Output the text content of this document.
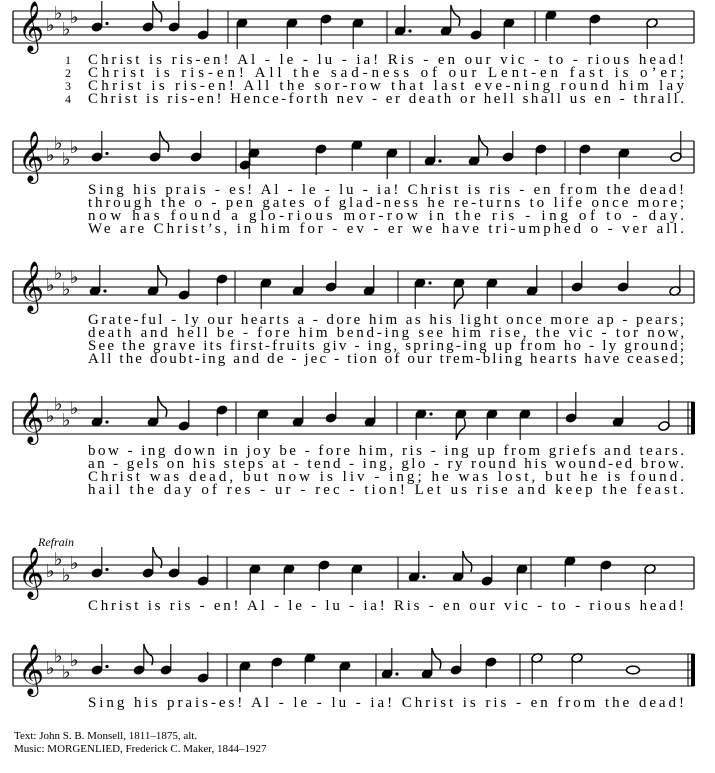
Refrain
𝄞 ♭
♭
♭
♭
𝄞 ♭
♭
♭
♭
𝄞 ♭
♭
♭
♭
𝄞 ♭
♭
♭
♭
𝄞 ♭
♭
♭
♭
𝄞 ♭
♭
♭
♭
1 Christ is ris-en! Al - le - lu - ia! Ris - en our vic - to - rious head!
2 Christ is ris-en! All the sad-ness of our Lent-en fast is o’er;
3 Christ is ris-en! All the sor-row that last eve-ning round him lay
4 Christ is ris-en! Hence-forth nev - er death or hell shall us en - thrall.
Sing his prais - es! Al - le - lu - ia! Christ is ris - en from the dead!
through the o - pen gates of glad-ness he re-turns to life once more;
now has found a glo-rious mor-row in the ris - ing of to - day.
We are Christ’s, in him for - ev - er we have tri-umphed o - ver all.
Grate-ful - ly our hearts a - dore him as his light once more ap - pears;
death and hell be - fore him bend-ing see him rise, the vic - tor now,
See the grave its first-fruits giv - ing, spring-ing up from ho - ly ground;
All the doubt-ing and de - jec - tion of our trem-bling hearts have ceased;
bow - ing down in joy be - fore him, ris - ing up from griefs and tears.
an - gels on his steps at - tend - ing, glo - ry round his wound-ed brow.
Christ was dead, but now is liv - ing; he was lost, but he is found.
hail the day of res - ur - rec - tion! Let us rise and keep the feast.
Christ is ris - en! Al - le - lu - ia! Ris - en our vic - to - rious head!
Sing his prais-es! Al - le - lu - ia! Christ is ris - en from the dead!
Text: John S. B. Monsell, 1811–1875, alt.
Music: MORGENLIED, Frederick C. Maker, 1844–1927
